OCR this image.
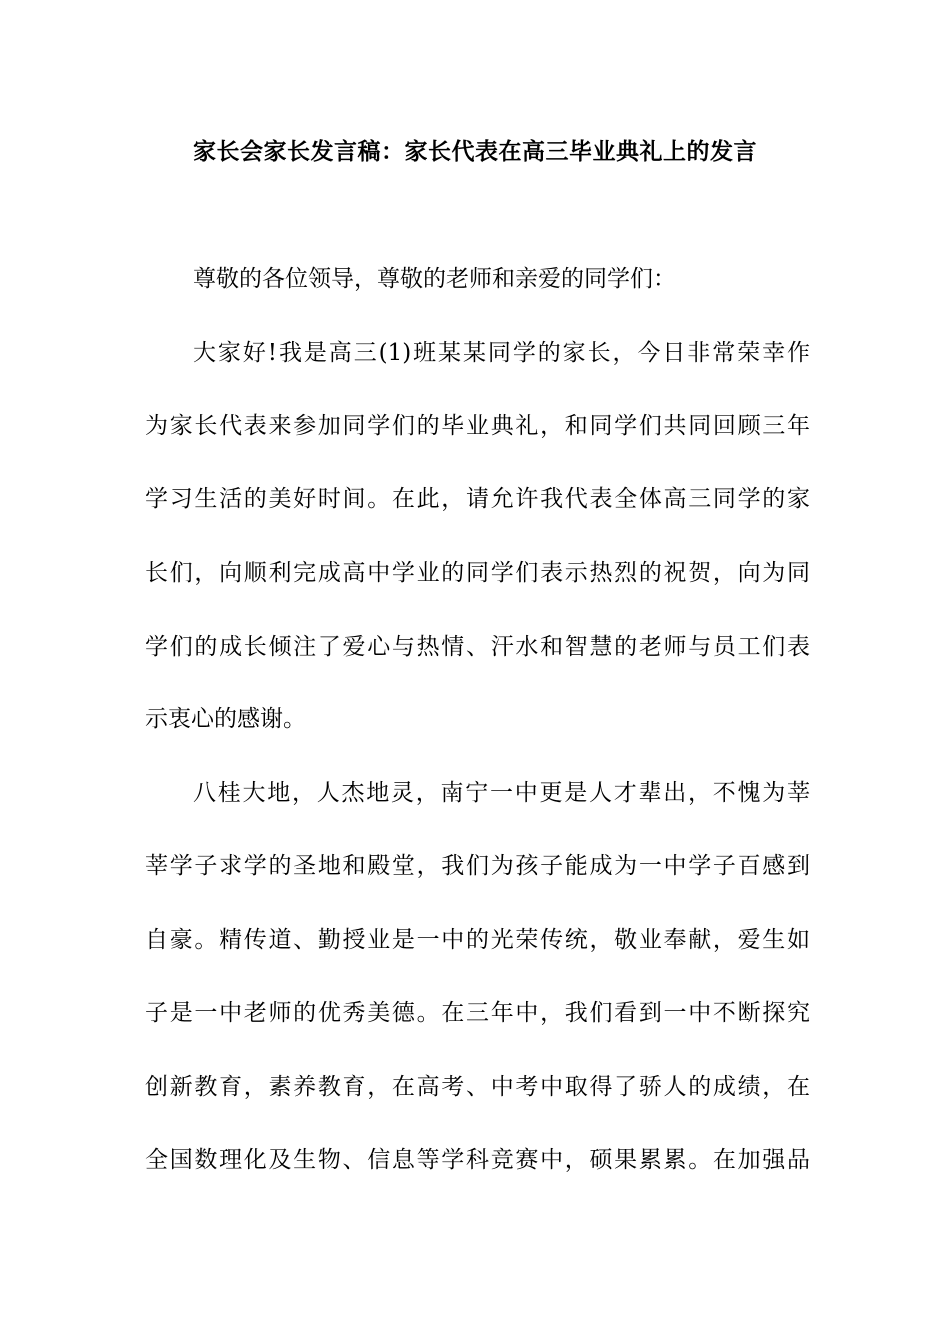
家长会家长发言稿：家长代表在高三毕业典礼上的发言
尊敬的各位领导，尊敬的老师和亲爱的同学们：
大家好!我是高三(1)班某某同学的家长，今日非常荣幸作
为家长代表来参加同学们的毕业典礼，和同学们共同回顾三年
学习生活的美好时间。在此，请允许我代表全体高三同学的家
长们，向顺利完成高中学业的同学们表示热烈的祝贺，向为同
学们的成长倾注了爱心与热情、汗水和智慧的老师与员工们表
示衷心的感谢。
八桂大地，人杰地灵，南宁一中更是人才辈出，不愧为莘
莘学子求学的圣地和殿堂，我们为孩子能成为一中学子百感到
自豪。精传道、勤授业是一中的光荣传统，敬业奉献，爱生如
子是一中老师的优秀美德。在三年中，我们看到一中不断探究
创新教育，素养教育，在高考、中考中取得了骄人的成绩，在
全国数理化及生物、信息等学科竞赛中，硕果累累。在加强品
